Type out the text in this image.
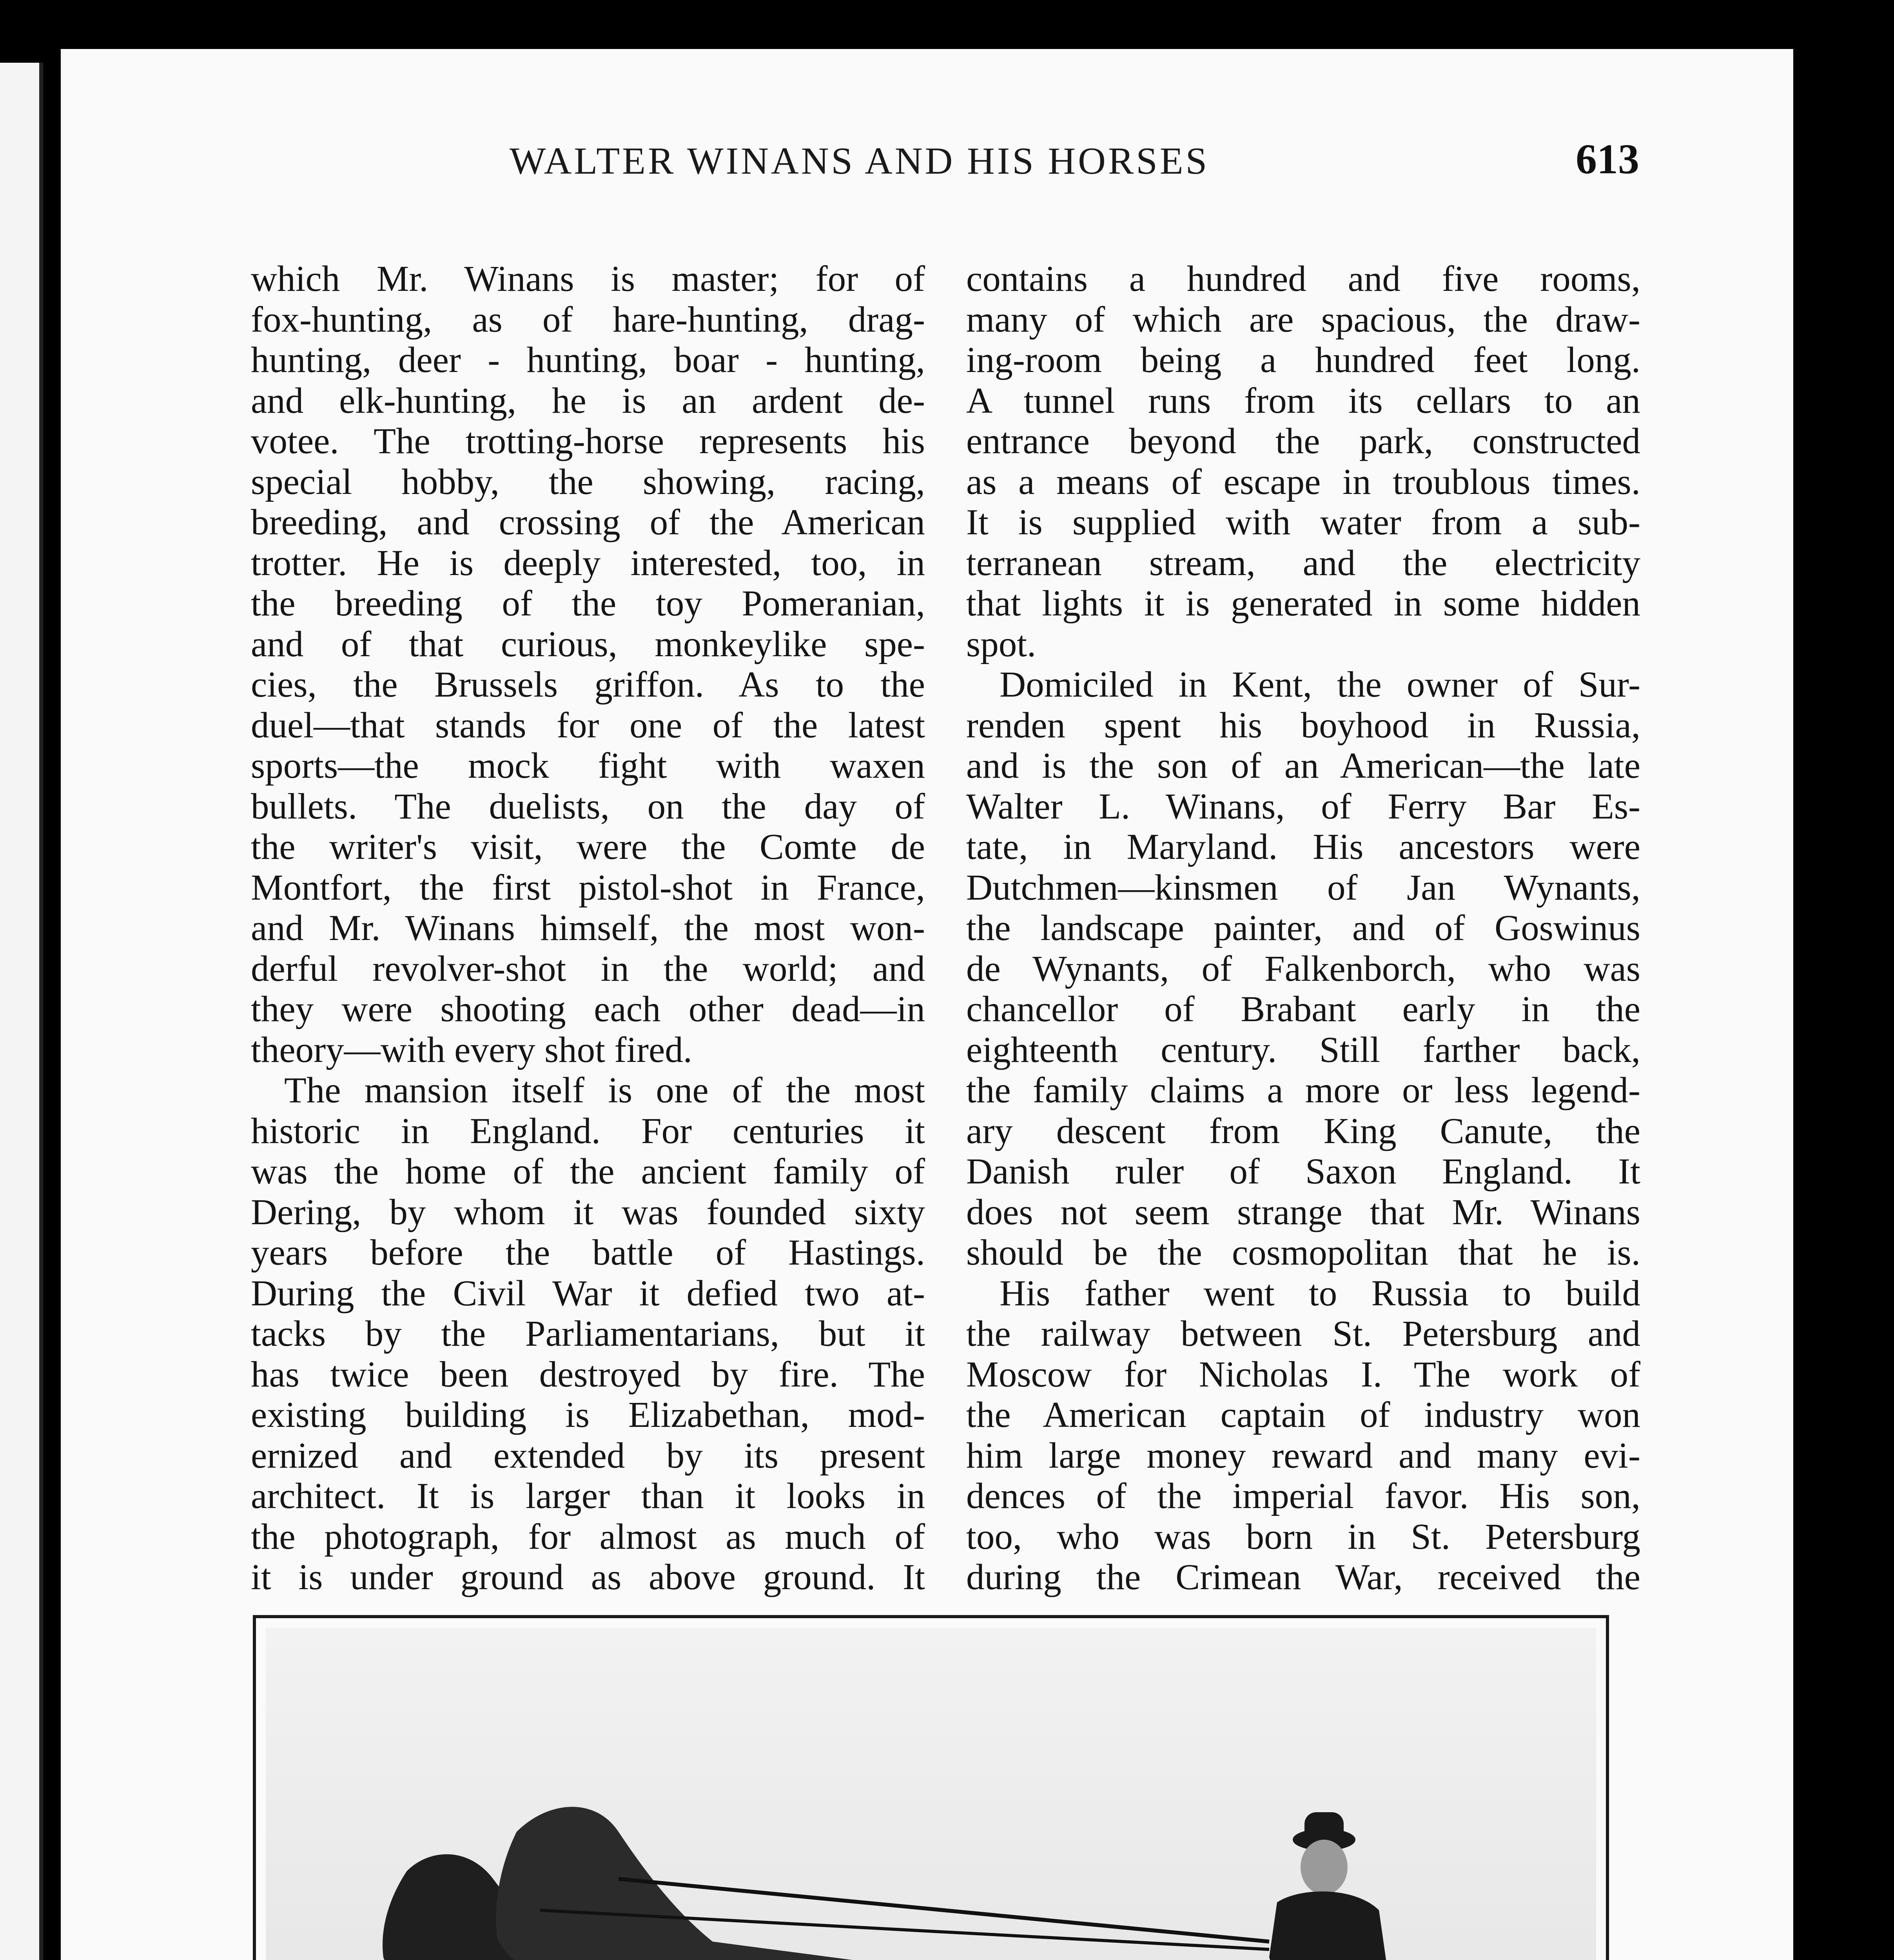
WALTER WINANS AND HIS HORSES	613
which Mr. Winans is master; for of
fox-hunting, as of hare-hunting, drag-
hunting, deer - hunting, boar - hunting,
and elk-hunting, he is an ardent de-
votee. The trotting-horse represents his
special hobby, the showing, racing,
breeding, and crossing of the American
trotter. He is deeply interested, too, in
the breeding of the toy Pomeranian,
and of that curious, monkeylike spe-
cies, the Brussels griffon. As to the
duel—that stands for one of the latest
sports—the mock fight with waxen
bullets. The duelists, on the day of
the writer's visit, were the Comte de
Montfort, the first pistol-shot in France,
and Mr. Winans himself, the most won-
derful revolver-shot in the world; and
they were shooting each other dead—in
theory—with every shot fired.
The mansion itself is one of the most
historic in England. For centuries it
was the home of the ancient family of
Dering, by whom it was founded sixty
years before the battle of Hastings.
During the Civil War it defied two at-
tacks by the Parliamentarians, but it
has twice been destroyed by fire. The
existing building is Elizabethan, mod-
ernized and extended by its present
architect. It is larger than it looks in
the photograph, for almost as much of
it is under ground as above ground. It
contains a hundred and five rooms,
many of which are spacious, the draw-
ing-room being a hundred feet long.
A tunnel runs from its cellars to an
entrance beyond the park, constructed
as a means of escape in troublous times.
It is supplied with water from a sub-
terranean stream, and the electricity
that lights it is generated in some hidden
spot.
Domiciled in Kent, the owner of Sur-
renden spent his boyhood in Russia,
and is the son of an American—the late
Walter L. Winans, of Ferry Bar Es-
tate, in Maryland. His ancestors were
Dutchmen—kinsmen of Jan Wynants,
the landscape painter, and of Goswinus
de Wynants, of Falkenborch, who was
chancellor of Brabant early in the
eighteenth century. Still farther back,
the family claims a more or less legend-
ary descent from King Canute, the
Danish ruler of Saxon England. It
does not seem strange that Mr. Winans
should be the cosmopolitan that he is.
His father went to Russia to build
the railway between St. Petersburg and
Moscow for Nicholas I. The work of
the American captain of industry won
him large money reward and many evi-
dences of the imperial favor. His son,
too, who was born in St. Petersburg
during the Crimean War, received the
